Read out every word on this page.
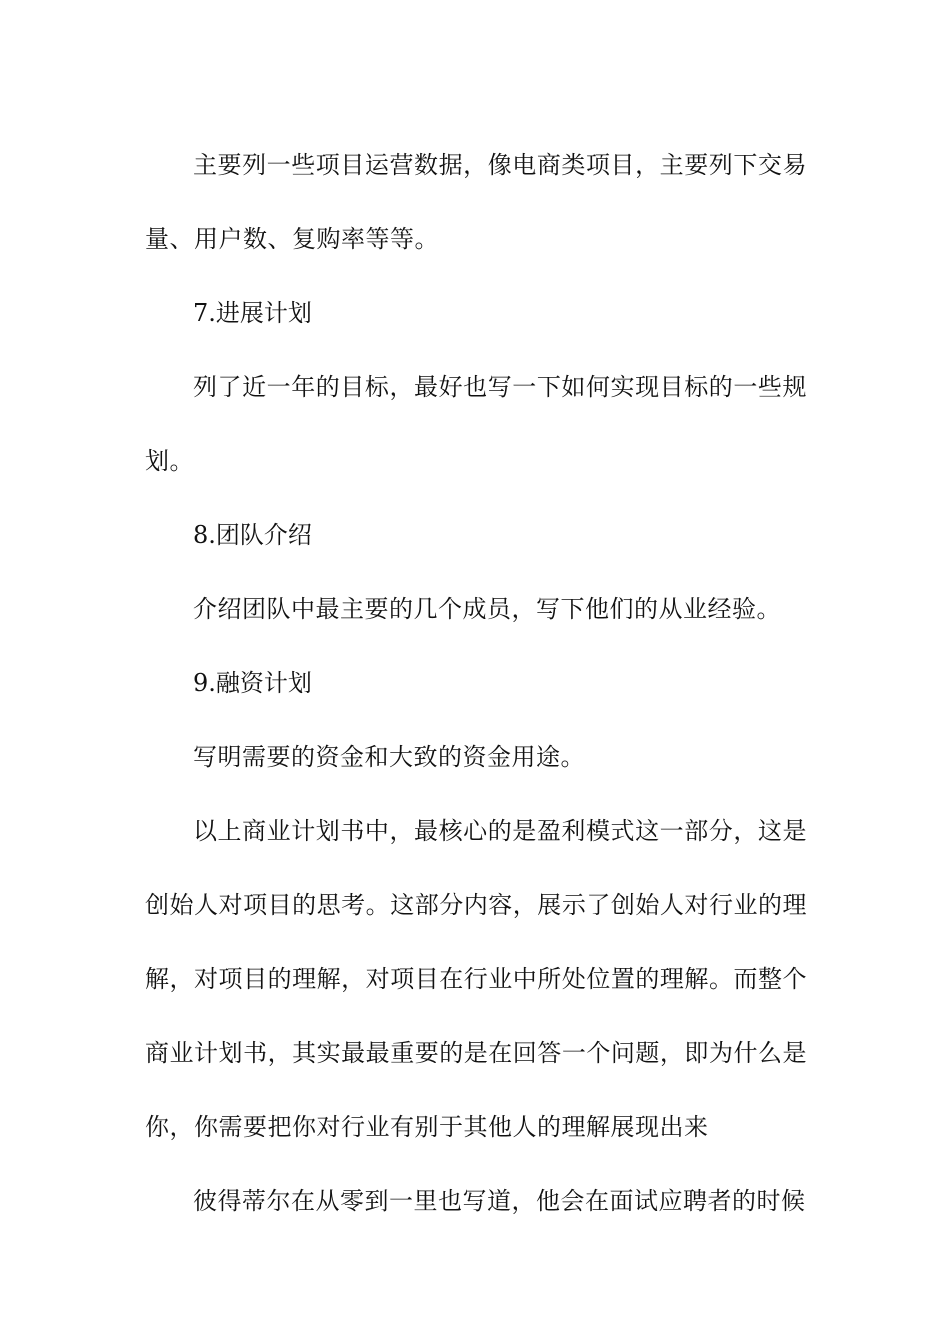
主要列一些项目运营数据，像电商类项目，主要列下交易量、用户数、复购率等等。

7.进展计划

列了近一年的目标，最好也写一下如何实现目标的一些规划。

8.团队介绍

介绍团队中最主要的几个成员，写下他们的从业经验。

9.融资计划

写明需要的资金和大致的资金用途。

以上商业计划书中，最核心的是盈利模式这一部分，这是创始人对项目的思考。这部分内容，展示了创始人对行业的理解，对项目的理解，对项目在行业中所处位置的理解。而整个商业计划书，其实最最重要的是在回答一个问题，即为什么是你，你需要把你对行业有别于其他人的理解展现出来

彼得蒂尔在从零到一里也写道，他会在面试应聘者的时候
